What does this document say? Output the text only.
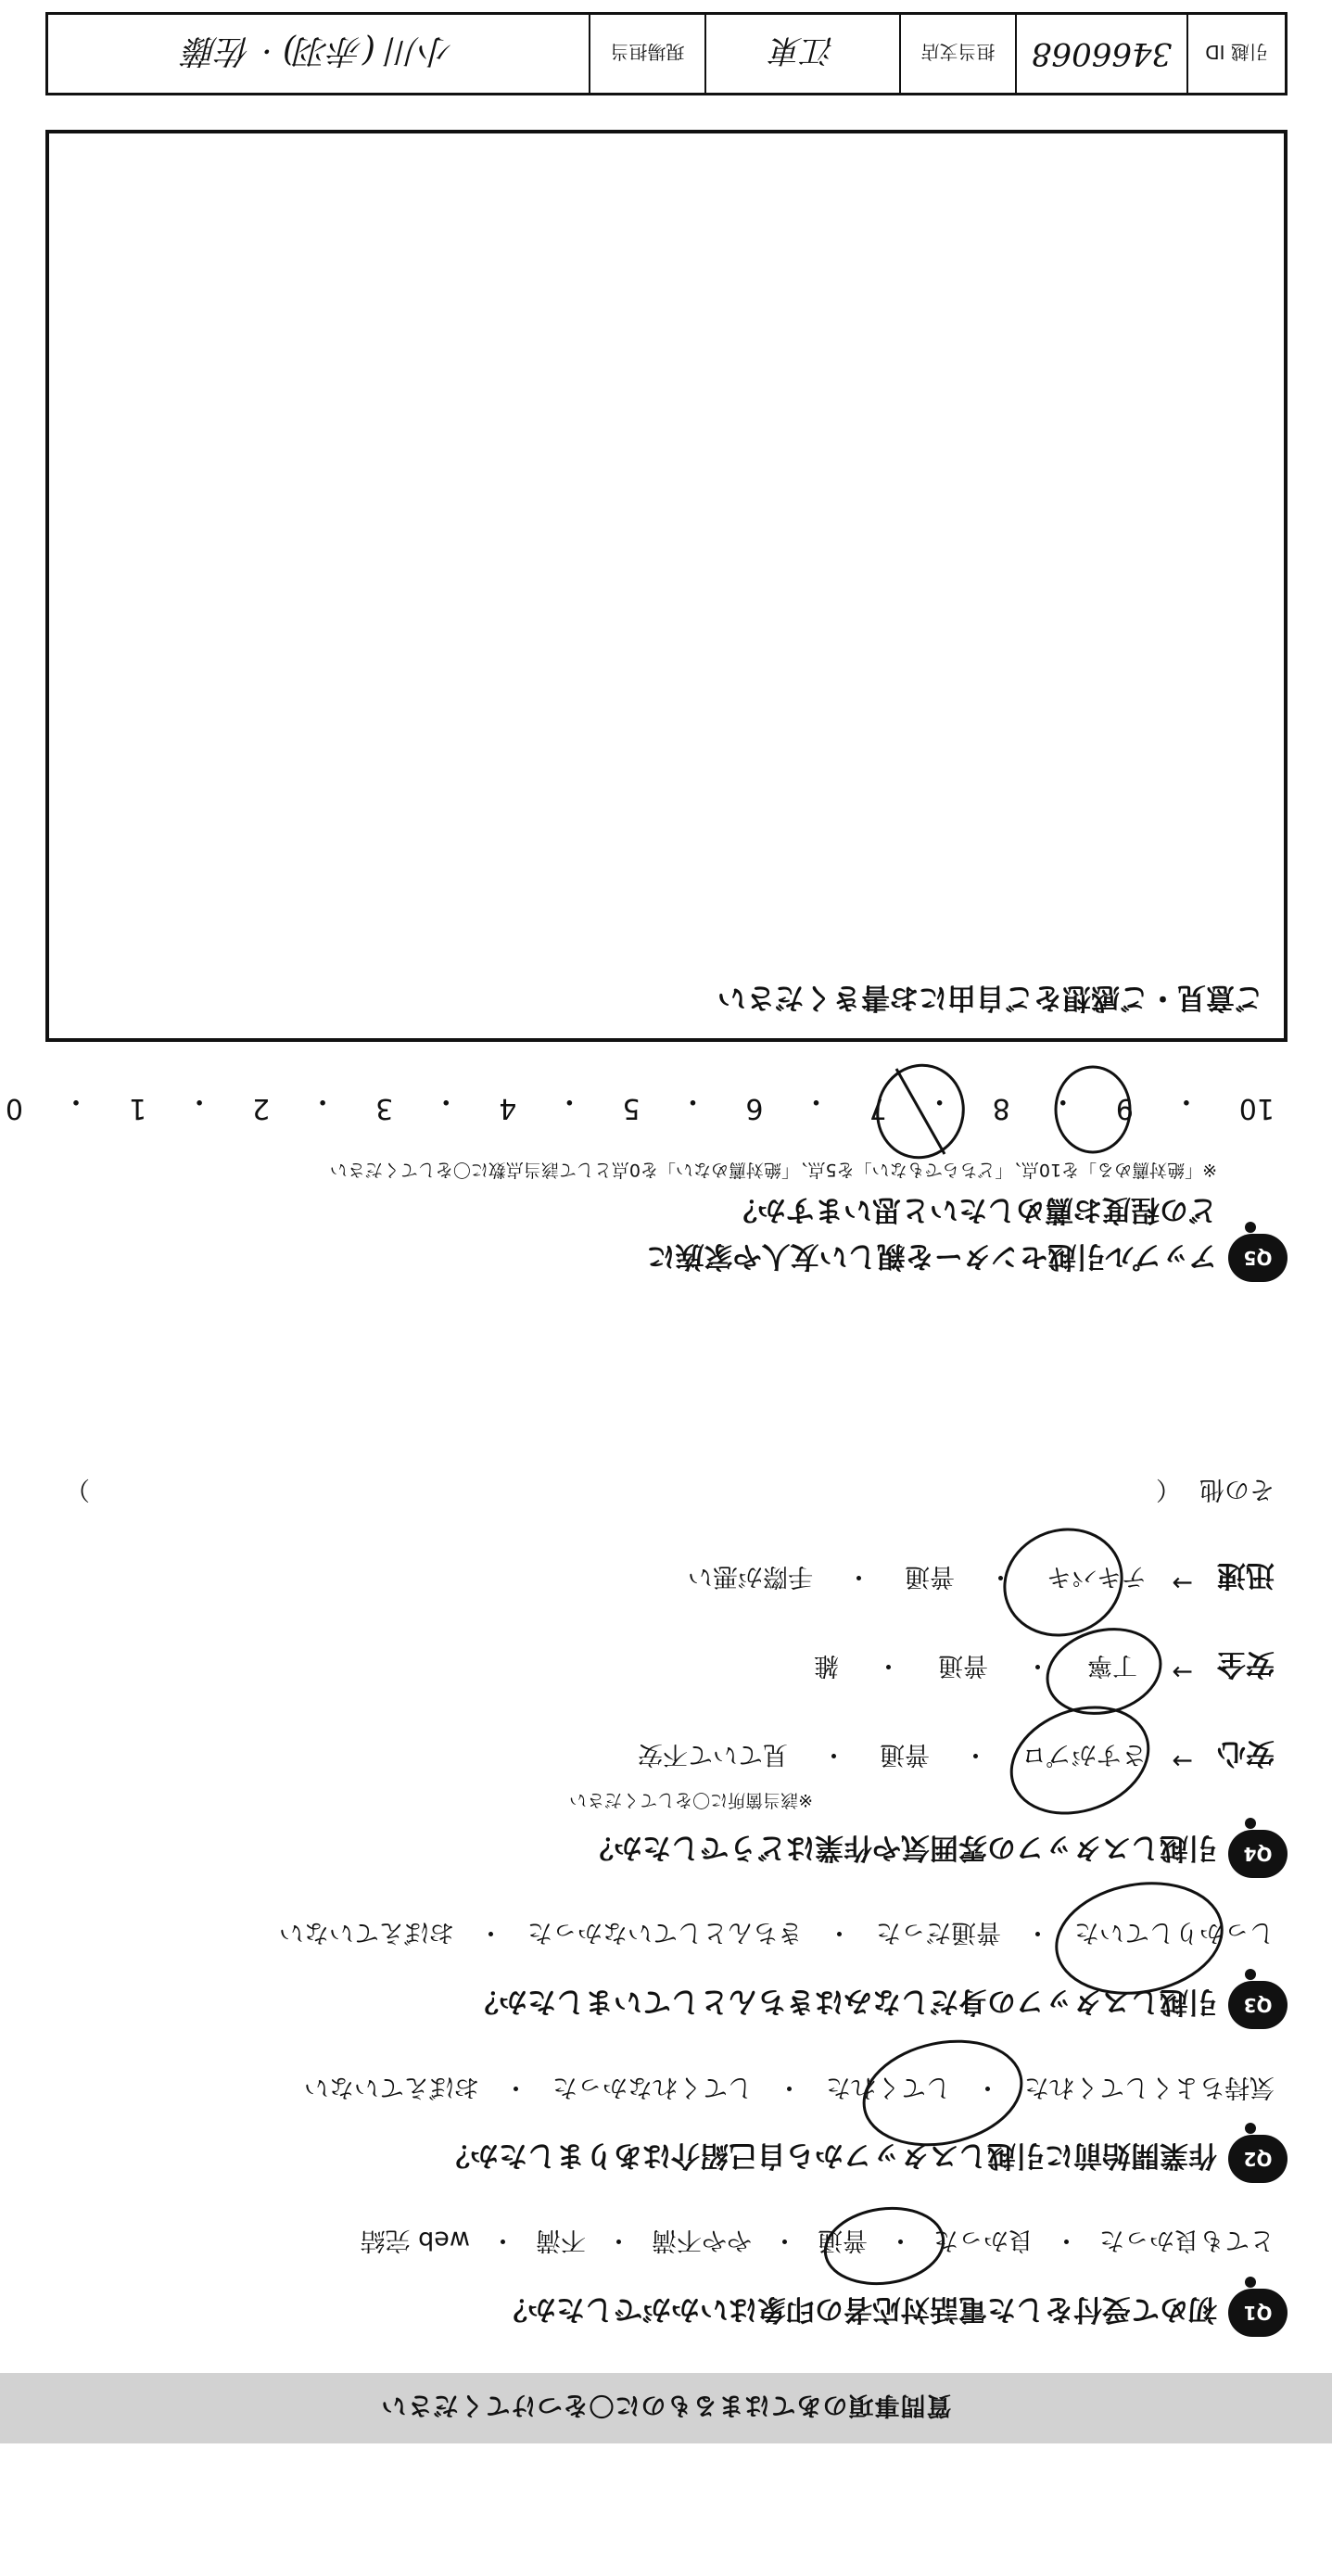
質問事項のあてはまるものに〇をつけてください
Q1
初めて受付をした電話対応者の印象はいかがでしたか？
とても良かった
・
良かった
・
普通
・
やや不満
・
不満
・
web 完結
Q2
作業開始前に引越しスタッフから自己紹介はありましたか？
気持ちよくしてくれた
・
してくれた
・
してくれなかった
・
おぼえていない
Q3
引越しスタッフの身だしなみはきちんとしていましたか？
しっかりしていた
・
普通だった
・
きちんとしていなかった
・
おぼえていない
Q4
引越しスタッフの雰囲気や作業はどうでしたか？
※該当箇所に〇をしてください
安心
→
さすがプロ
・
普通
・
見ていて不安
安全
→
丁寧
・
普通
・
雑
迅速
→
テキパキ
・
普通
・
手際が悪い
その他
（
）
Q5
アップル引越センターを親しい友人や家族に
どの程度お薦めしたいと思いますか？
※「絶対薦める」を10点、「どちらでもない」を5点、「絶対薦めない」を0点として該当点数に〇をしてください
10
・
9
・
8
・
7
・
6
・
5
・
4
・
3
・
2
・
1
・
0
ご意見・ご感想をご自由にお書きください
引越 ID
3466068
担当支店
江東
現場担当
小川 (赤羽) · 佐藤
